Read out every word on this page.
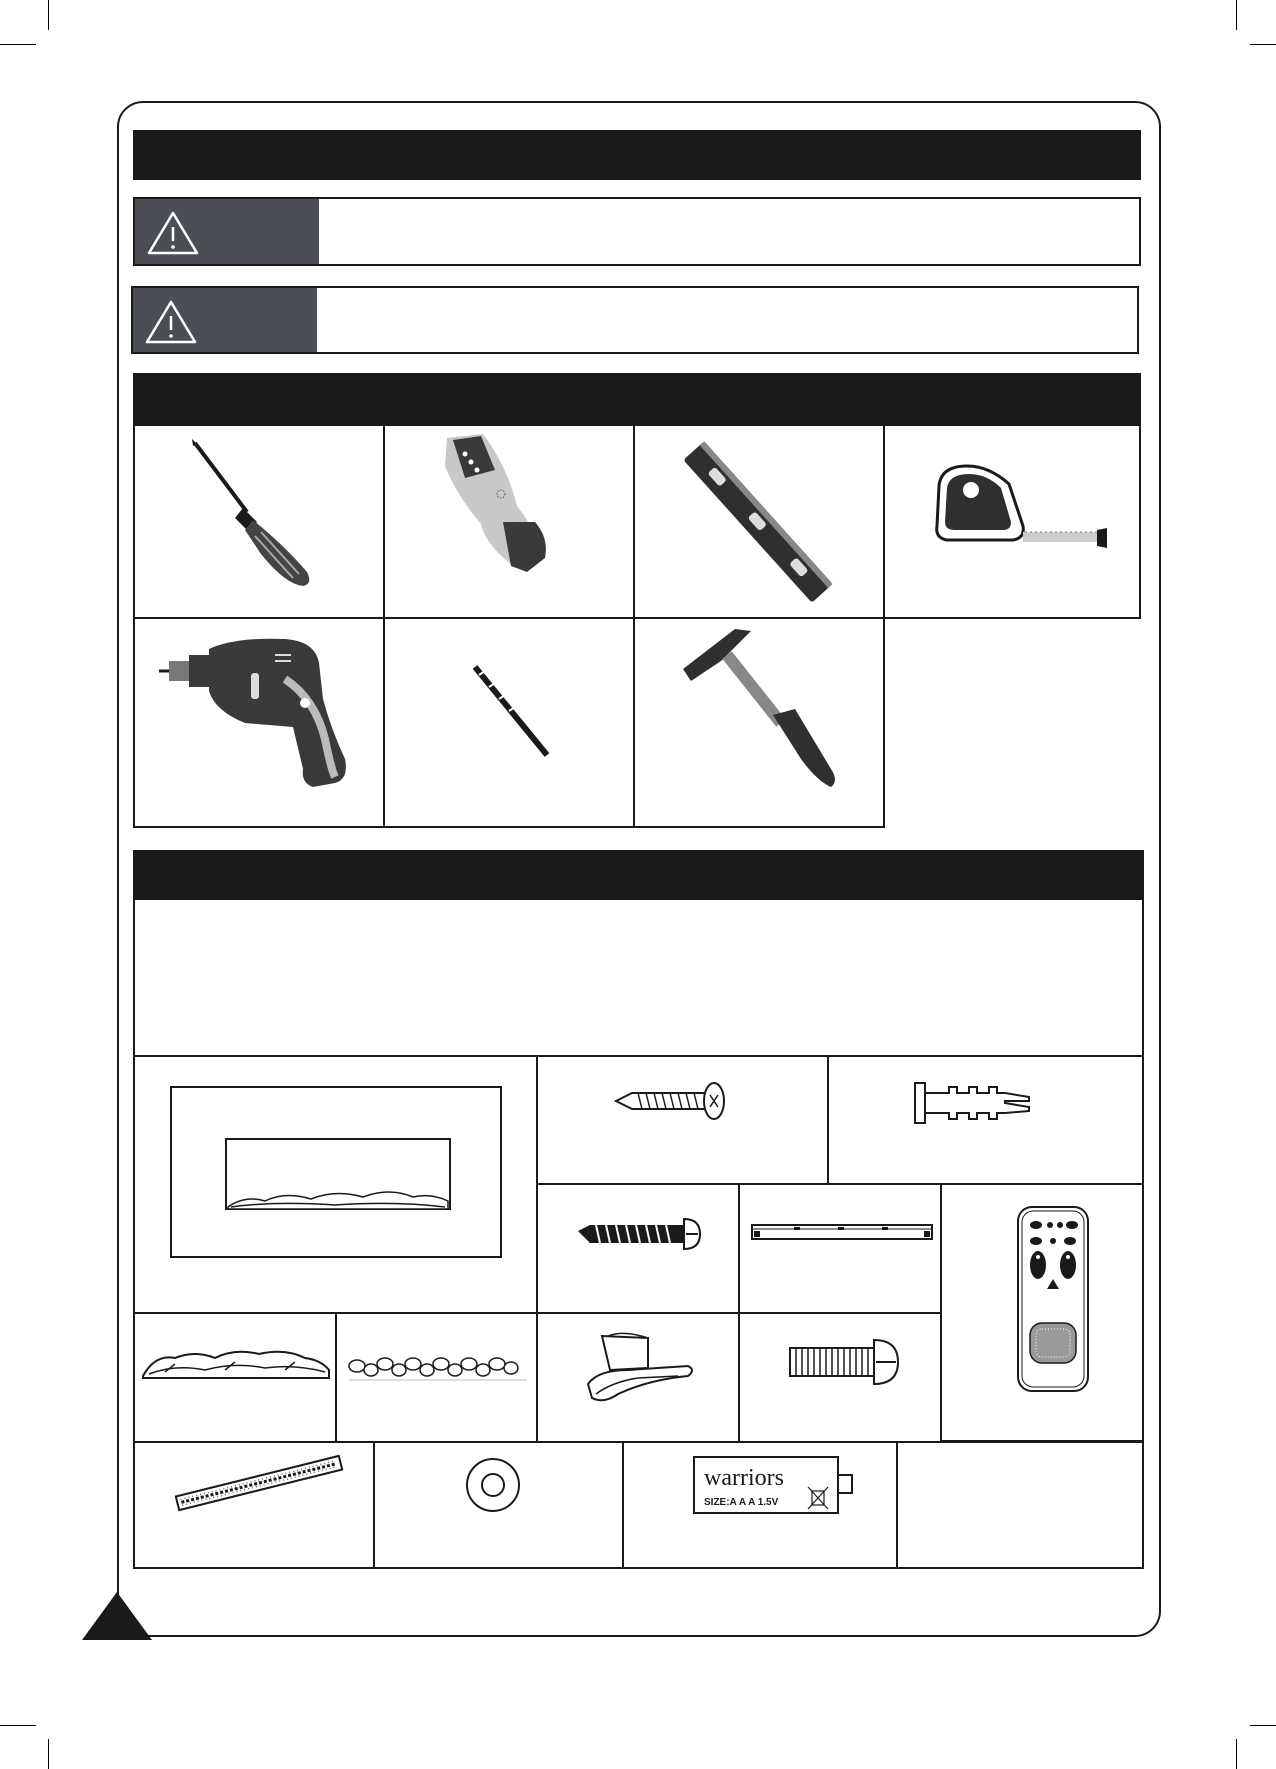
warriors
SIZE:A A A 1.5V
